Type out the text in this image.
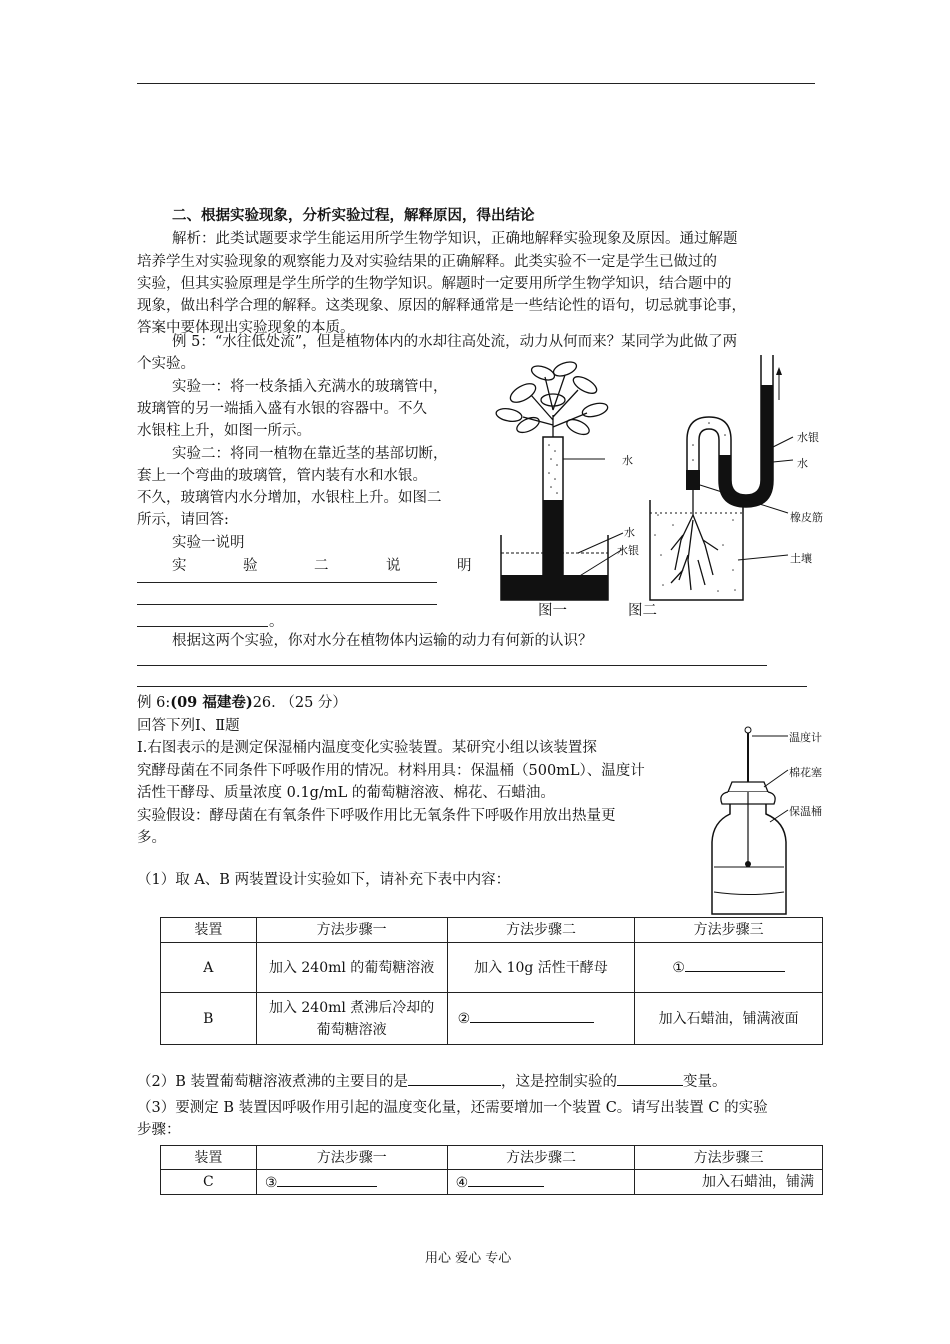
二、根据实验现象，分析实验过程，解释原因，得出结论
解析：此类试题要求学生能运用所学生物学知识，正确地解释实验现象及原因。通过解题
培养学生对实验现象的观察能力及对实验结果的正确解释。此类实验不一定是学生已做过的
实验，但其实验原理是学生所学的生物学知识。解题时一定要用所学生物学知识，结合题中的
现象，做出科学合理的解释。这类现象、原因的解释通常是一些结论性的语句，切忌就事论事，
答案中要体现出实验现象的本质。
例 5：“水往低处流”，但是植物体内的水却往高处流，动力从何而来？某同学为此做了两
个实验。
实验一：将一枝条插入充满水的玻璃管中，
玻璃管的另一端插入盛有水银的容器中。不久
水银柱上升，如图一所示。
实验二：将同一植物在靠近茎的基部切断，
套上一个弯曲的玻璃管，管内装有水和水银。
不久，玻璃管内水分增加，水银柱上升。如图二
所示，请回答:
实验一说明
实	验	二	说	明
。
水
水
水银
水银
水
橡皮筋
土壤
图一	图二
根据这两个实验，你对水分在植物体内运输的动力有何新的认识？
例 6:(09 福建卷)26. （25 分）
回答下列Ⅰ、Ⅱ题
Ⅰ.右图表示的是测定保湿桶内温度变化实验装置。某研究小组以该装置探
究酵母菌在不同条件下呼吸作用的情况。材料用具：保温桶（500mL）、温度计
活性干酵母、质量浓度 0.1g/mL 的葡萄糖溶液、棉花、石蜡油。
实验假设：酵母菌在有氧条件下呼吸作用比无氧条件下呼吸作用放出热量更
多。
（1）取 A、B 两装置设计实验如下，请补充下表中内容：
温度计
棉花塞
保温桶
装置	方法步骤一	方法步骤二	方法步骤三
A	加入 240ml 的葡萄糖溶液	加入 10g 活性干酵母	①
B	加入 240ml 煮沸后冷却的葡萄糖溶液	②	加入石蜡油，铺满液面
（2）B 装置葡萄糖溶液煮沸的主要目的是	，这是控制实验的	变量。
（3）要测定 B 装置因呼吸作用引起的温度变化量，还需要增加一个装置 C。请写出装置 C 的实验
步骤：
装置	方法步骤一	方法步骤二	方法步骤三
C	③	④	加入石蜡油，铺满
用心 爱心 专心
